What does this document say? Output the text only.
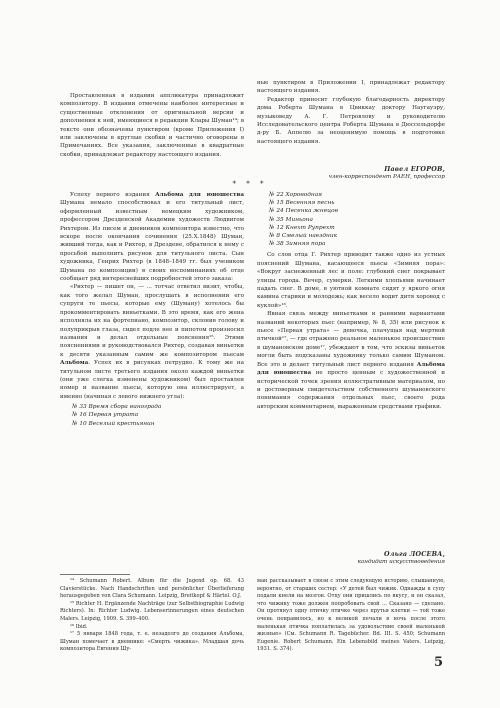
Проставленная в издании аппликатура принадлежит композитору. В издании отмечены наиболее интересные и существенные отклонения от оригинальной версии и дополнения к ней, имеющиеся в редакции Клары Шуман¹⁴; в тексте они обозначены пунктиром (кроме Приложения I) или заключены в круглые скобки и частично оговорены в Примечаниях. Все указания, заключенные в квадратные скобки, принадлежат редактору настоящего издания.

ные пунктиром в Приложении I, принадлежат редактору настоящего издания.

Редактор приносит глубокую благодарность директору дома Роберта Шумана в Цвиккау доктору Наугауэру, музыковеду А. Г. Петровлову и руководителю Исследовательского центра Роберта Шумана в Дюссельдорфе д-ру Б. Аппелю за неоценимую помощь в подготовке настоящего издания.

Павел ЕГОРОВ,
член-корреспондент РАЕН, профессор
* * *

Успеху первого издания Альбома для юношества Шумана немало способствовал и его титульный лист, оформленный известным немецким художником, профессором Дрезденской Академии художеств Людвигом Рихтером. Из писем и дневников композитора известно, что вскоре после окончания сочинения (25.X.1848) Шуман, живший тогда, как и Рихтер, в Дрездене, обратился к нему с просьбой выполнить рисунок для титульного листа. Сын художника, Генрих Рихтер (в 1848–1849 гг. был учеником Шумана по композиции) в своих воспоминаниях об отце сообщает ряд интереснейших подробностей этого заказа:

«Рихтер — пишет он, — ... тотчас ответил визит, чтобы, как того желал Шуман, прослушать в исполнении его супруги те пьесы, которые ему (Шуману) хотелось бы прокомментировать виньетками. В это время, как его жена исполняла их на фортепиано, композитор, склонив голову и полуприкрыв глаза, сидел подле нее и пипотом произносил названия и делал отдельные пояснения¹⁵. Этими пояснениями и руководствовался Рихтер, создавая виньетки к десяти указанным самим же композитором пьесам Альбома. Успех их в рисунках петрудно. К тому же на титульном листе третьего издания около каждой виньетки (они уже слегка изменены художником) был проставлен номер и название пьесы, которую она иллюстрирует, а именно (начиная с левого нижнего угла):

№ 33 Время сбора винограда
№ 16 Первая утрата
№ 10 Веселый крестьянин
№ 22 Хороводная
№ 15 Весенняя песнь
№ 24 Песенка жнецов
№ 35 Миньона
№ 12 Кнехт Рупрехт
№ 8 Смелый наездник
№ 38 Зимняя пора

Со слов отца Г. Рихтер приводит также одно из устных пояснений Шумана, касающееся пьесы «Зимняя пора»: «Вокруг заснеженный лес и поле: глубокий снег покрывает улицы города. Вечер, сумерки. Легкими хлопьями начинает падать снег. В доме, в уютной комнате сидят у яркого огня камина старики и молодежь; как весело водит дитя хоровод с куклой»¹⁶.

Явная связь между виньетками и ранними вариантами названий некоторых пьес (например, № 8, 35) или рисунок к пьесе «Первая утрата» — девочка, плачущая над мертвой птичкой¹⁷, — где отражено реальное маленькое происшествие в шумановском доме¹⁷, убеждают в том, что эскизы виньеток могли быть подсказаны художнику только самим Шуманом. Все это и делает титульный лист первого издания Альбома для юношества не просто ценным с художественной и исторической точек зрения иллюстративным материалом, но и достоверным свидетельством собственного шумановского понимания содержания отдельных пьес, своего рода авторским комментарием, выраженным средствами графики.

Ольга ЛОСЕВА,
кандидат искусствоведения

¹⁴ Schumann Robert. Album für die Jugend op. 68. 43 Clavierstücke. Nach Handschriften und persönlicher Überlieferung herausgegeben von Clara Schumann. Leipzig, Breitkopf & Härtel. O.J.

¹⁵ Richter H. Ergänzende Nachträge (zur Selbstbiographie Ludwig Richters). In: Richter Ludwig. Lebenserinnerungen eines deutschen Malers. Leipzig, 1909. S. 399–400.

¹⁶ Ibid.

¹⁷ 5 января 1848 года, т. е. незадолго до создания Альбома, Шуман помечает в дневнике: «Смерть чижика». Младшая дочь композитора Евгения Шу-

ман рассказывает в связи с этим следующую историю, слышанную, вероятно, от старших сестер: «У детей был чижик. Однажды к супу подали кнели на мозгов. Отцу они пришлись по вкусу, и он сказал, что чижику тоже должен попробовать свой ... Сказано — сделано. Он протянул одну птичку птичке через прутья клетки — той тоже очень понравилось, но к великой печали в ночь после этого маленькая птичка поплатилась за удовольствие своей маленькой жизнью» (См. Schumann R. Tagebücher. Bd. III. S. 450; Schumann Eugenie. Robert Schumann. Ein Lebensbild meines Vaters. Leipzig, 1931. S. 374).

5
